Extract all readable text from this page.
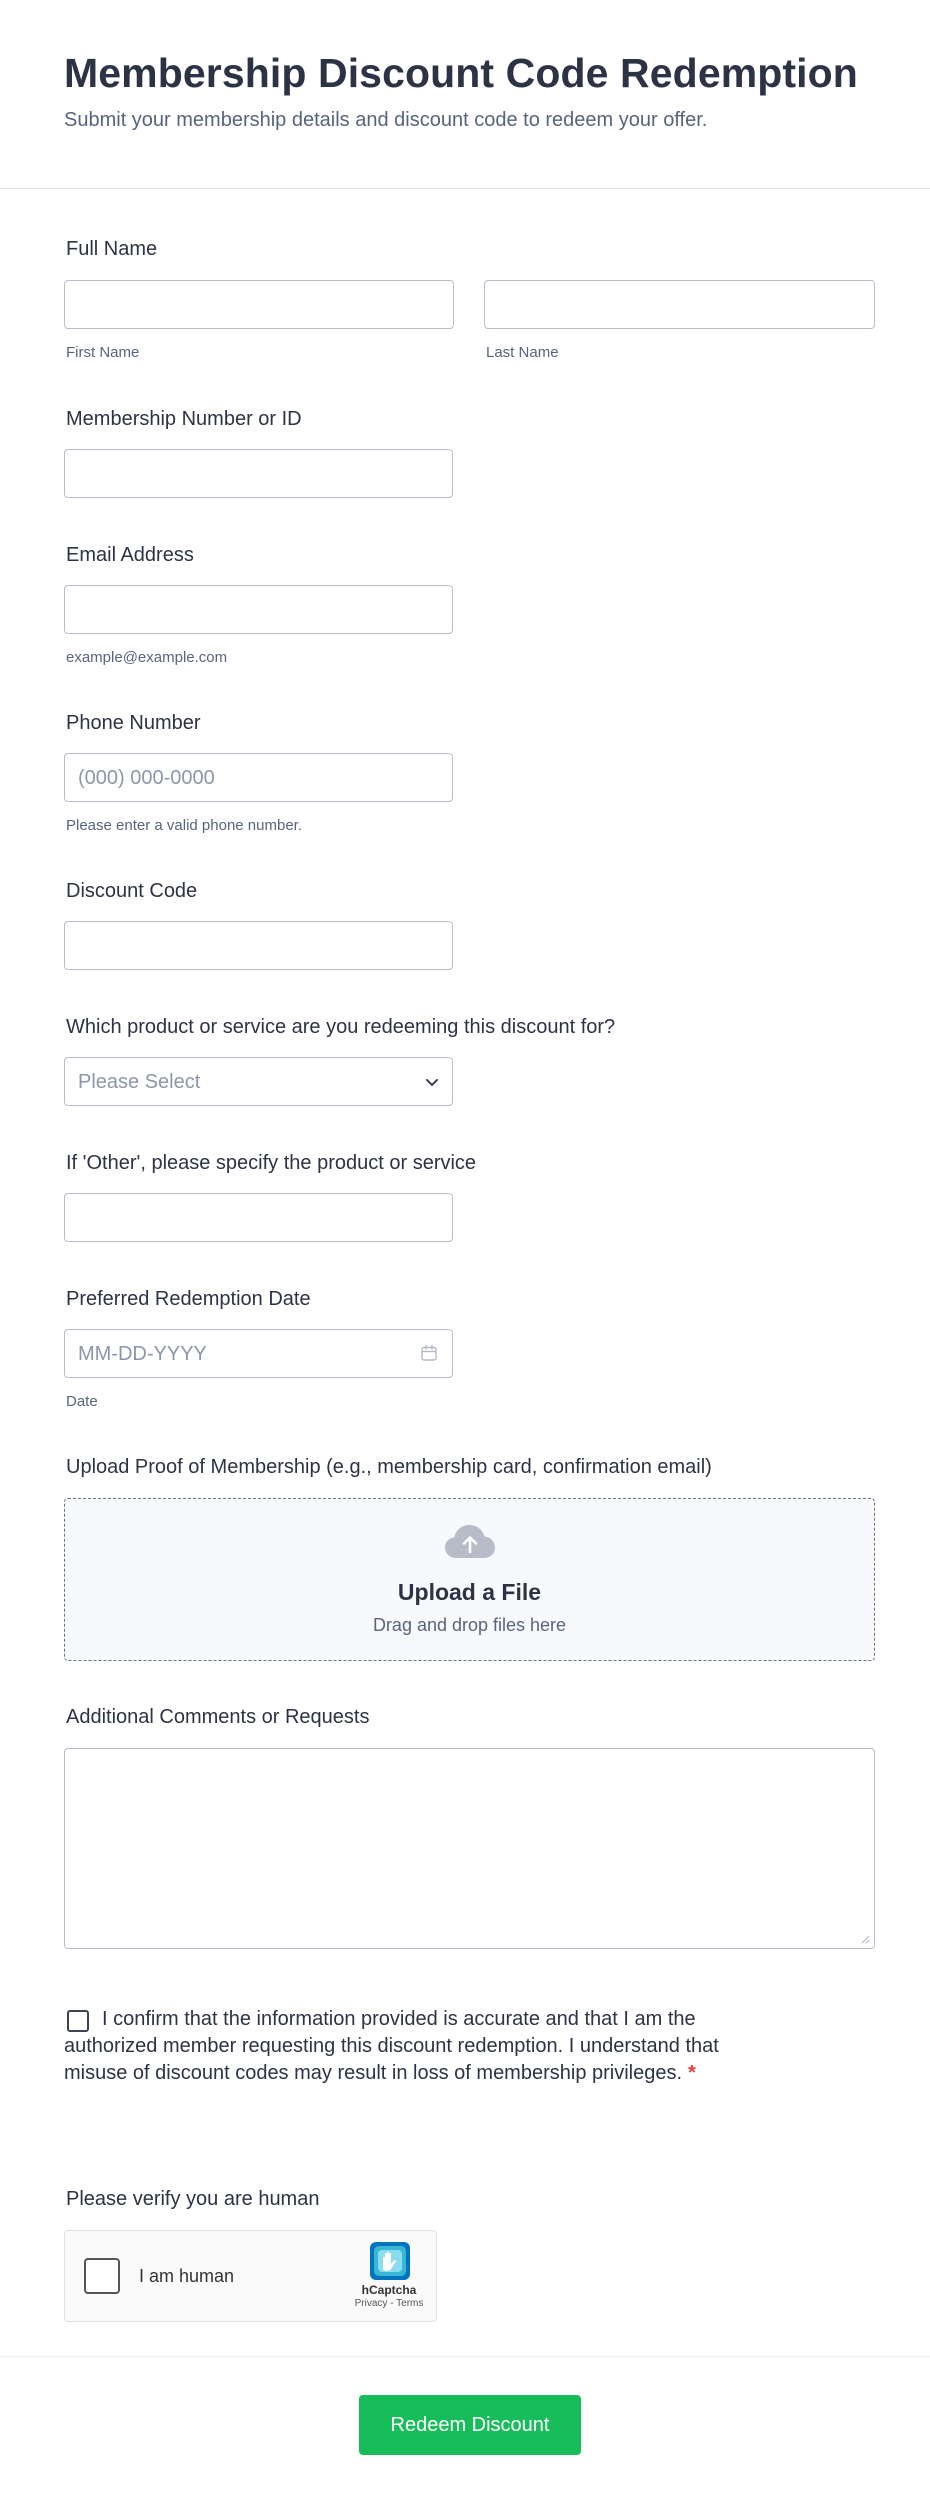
Membership Discount Code Redemption
Submit your membership details and discount code to redeem your offer.
Full Name
First Name	Last Name
Membership Number or ID
Email Address
example@example.com
Phone Number
(000) 000-0000
Please enter a valid phone number.
Discount Code
Which product or service are you redeeming this discount for?
Please Select
If 'Other', please specify the product or service
Preferred Redemption Date
MM-DD-YYYY
Date
Upload Proof of Membership (e.g., membership card, confirmation email)
Upload a File
Drag and drop files here
Additional Comments or Requests
I confirm that the information provided is accurate and that I am the authorized member requesting this discount redemption. I understand that misuse of discount codes may result in loss of membership privileges. *
Please verify you are human
I am human
hCaptcha
Privacy - Terms
Redeem Discount
